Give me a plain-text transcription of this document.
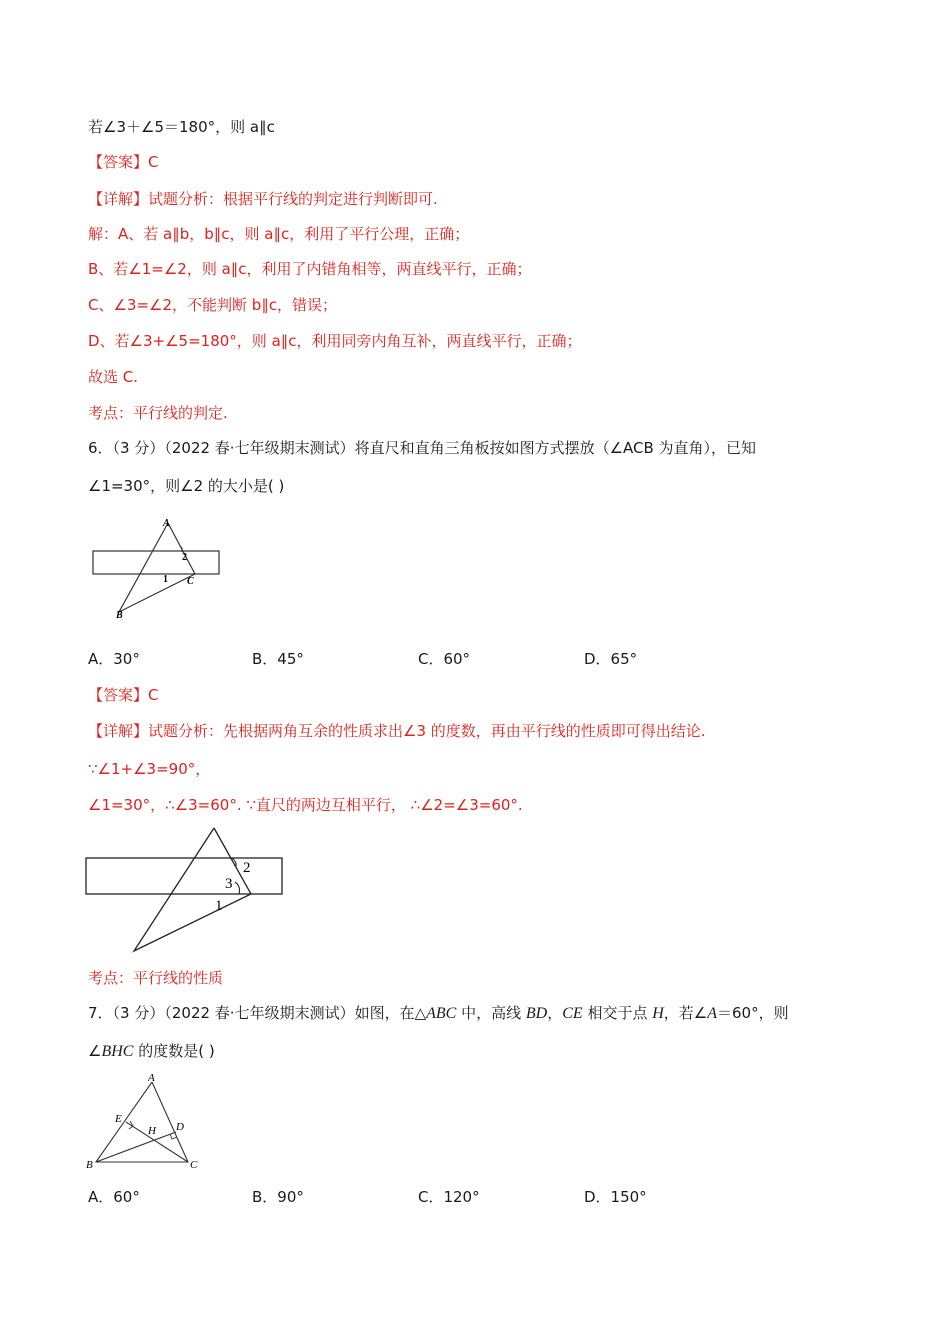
若∠3＋∠5＝180°，则 a∥c
【答案】C
【详解】试题分析：根据平行线的判定进行判断即可.
解：A、若 a∥b，b∥c，则 a∥c，利用了平行公理，正确；
B、若∠1=∠2，则 a∥c，利用了内错角相等，两直线平行，正确；
C、∠3=∠2，不能判断 b∥c，错误；
D、若∠3+∠5=180°，则 a∥c，利用同旁内角互补，两直线平行，正确；
故选 C.
考点：平行线的判定.
6．（3 分）（2022 春·七年级期末测试）将直尺和直角三角板按如图方式摆放（∠ACB 为直角），已知
∠1=30°，则∠2 的大小是( )
A
B
C
1
2
A．30°	B．45°	C．60°	D．65°
【答案】C
【详解】试题分析：先根据两角互余的性质求出∠3 的度数，再由平行线的性质即可得出结论.
∵∠1+∠3=90°，
∠1=30°，∴∠3=60°. ∵直尺的两边互相平行， ∴∠2=∠3=60°.
2
3
1
考点：平行线的性质
7．（3 分）（2022 春·七年级期末测试）如图，在△ABC 中，高线 BD，CE 相交于点 H，若∠A＝60°，则
∠BHC 的度数是( )
A
B	C
D
E
H
A．60°	B．90°	C．120°	D．150°
